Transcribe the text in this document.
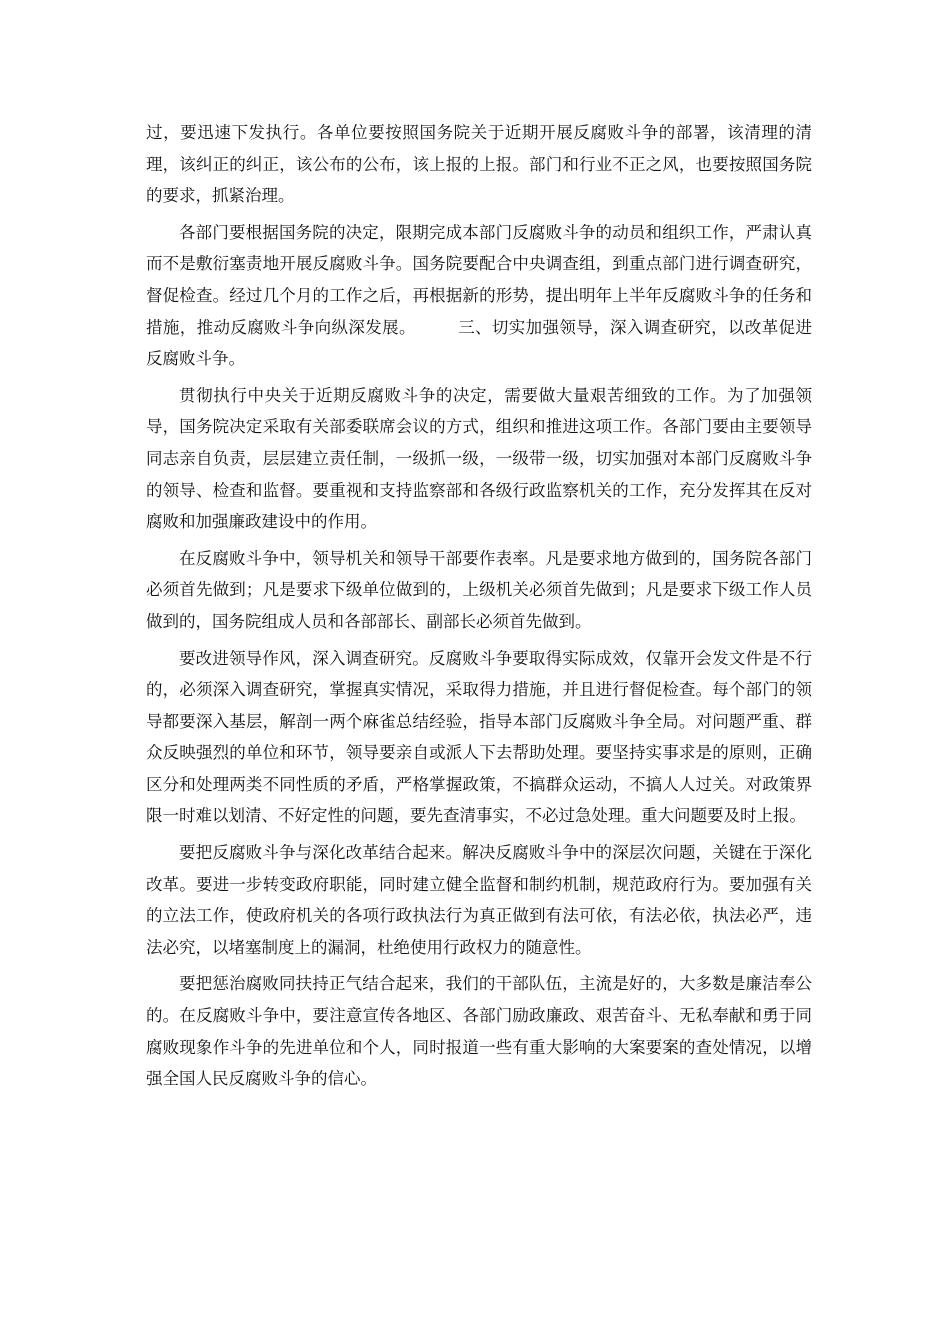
过，要迅速下发执行。各单位要按照国务院关于近期开展反腐败斗争的部署，该清理的清理，该纠正的纠正，该公布的公布，该上报的上报。部门和行业不正之风，也要按照国务院的要求，抓紧治理。

各部门要根据国务院的决定，限期完成本部门反腐败斗争的动员和组织工作，严肃认真而不是敷衍塞责地开展反腐败斗争。国务院要配合中央调查组，到重点部门进行调查研究，督促检查。经过几个月的工作之后，再根据新的形势，提出明年上半年反腐败斗争的任务和措施，推动反腐败斗争向纵深发展。　　　三、切实加强领导，深入调查研究，以改革促进反腐败斗争。

贯彻执行中央关于近期反腐败斗争的决定，需要做大量艰苦细致的工作。为了加强领导，国务院决定采取有关部委联席会议的方式，组织和推进这项工作。各部门要由主要领导同志亲自负责，层层建立责任制，一级抓一级，一级带一级，切实加强对本部门反腐败斗争的领导、检查和监督。要重视和支持监察部和各级行政监察机关的工作，充分发挥其在反对腐败和加强廉政建设中的作用。

在反腐败斗争中，领导机关和领导干部要作表率。凡是要求地方做到的，国务院各部门必须首先做到；凡是要求下级单位做到的，上级机关必须首先做到；凡是要求下级工作人员做到的，国务院组成人员和各部部长、副部长必须首先做到。

要改进领导作风，深入调查研究。反腐败斗争要取得实际成效，仅靠开会发文件是不行的，必须深入调查研究，掌握真实情况，采取得力措施，并且进行督促检查。每个部门的领导都要深入基层，解剖一两个麻雀总结经验，指导本部门反腐败斗争全局。对问题严重、群众反映强烈的单位和环节，领导要亲自或派人下去帮助处理。要坚持实事求是的原则，正确区分和处理两类不同性质的矛盾，严格掌握政策，不搞群众运动，不搞人人过关。对政策界限一时难以划清、不好定性的问题，要先查清事实，不必过急处理。重大问题要及时上报。

要把反腐败斗争与深化改革结合起来。解决反腐败斗争中的深层次问题，关键在于深化改革。要进一步转变政府职能，同时建立健全监督和制约机制，规范政府行为。要加强有关的立法工作，使政府机关的各项行政执法行为真正做到有法可依，有法必依，执法必严，违法必究，以堵塞制度上的漏洞，杜绝使用行政权力的随意性。

要把惩治腐败同扶持正气结合起来，我们的干部队伍，主流是好的，大多数是廉洁奉公的。在反腐败斗争中，要注意宣传各地区、各部门励政廉政、艰苦奋斗、无私奉献和勇于同腐败现象作斗争的先进单位和个人，同时报道一些有重大影响的大案要案的查处情况，以增强全国人民反腐败斗争的信心。
